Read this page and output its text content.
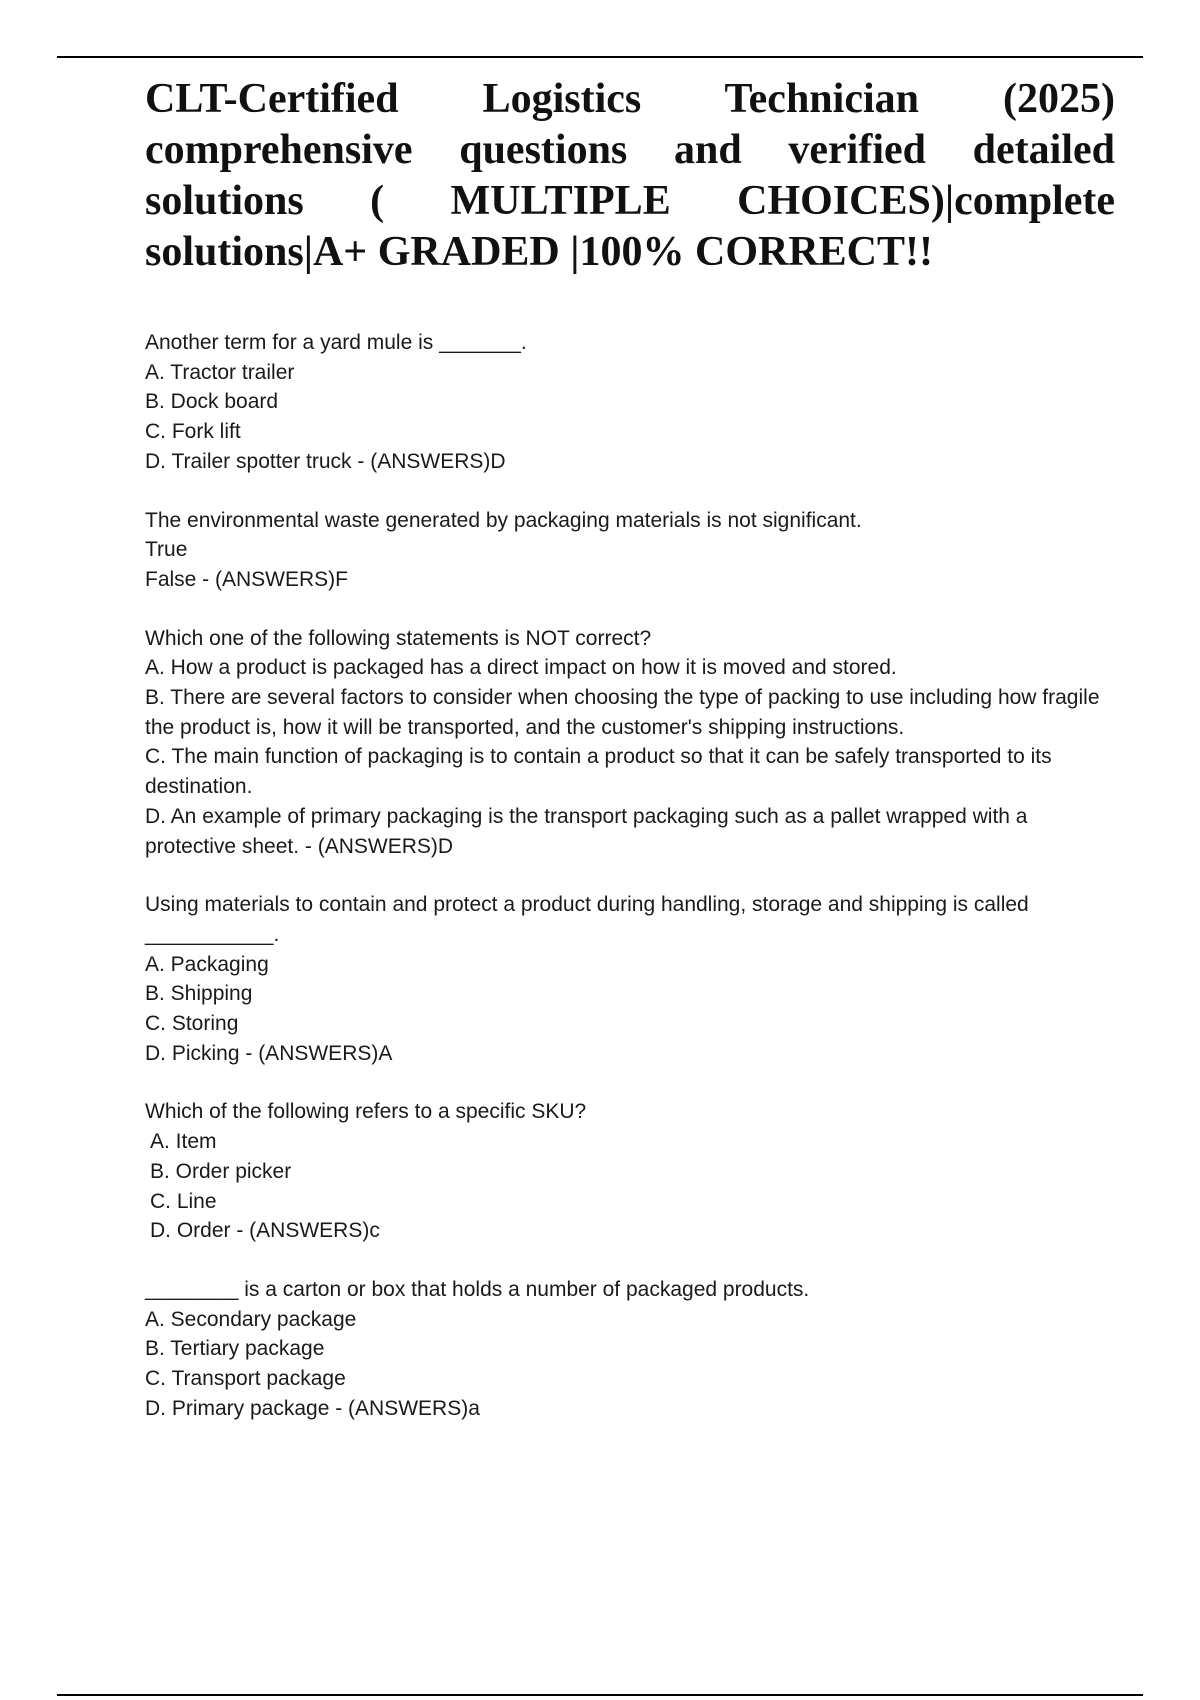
CLT-Certified Logistics Technician (2025) comprehensive questions and verified detailed solutions ( MULTIPLE CHOICES)|complete solutions|A+ GRADED |100% CORRECT!!

Another term for a yard mule is _______.

A. Tractor trailer

B. Dock board

C. Fork lift

D. Trailer spotter truck - (ANSWERS)D

The environmental waste generated by packaging materials is not significant.

True

False - (ANSWERS)F

Which one of the following statements is NOT correct?

A. How a product is packaged has a direct impact on how it is moved and stored.

B. There are several factors to consider when choosing the type of packing to use including how fragile the product is, how it will be transported, and the customer's shipping instructions.

C. The main function of packaging is to contain a product so that it can be safely transported to its destination.

D. An example of primary packaging is the transport packaging such as a pallet wrapped with a protective sheet. - (ANSWERS)D

Using materials to contain and protect a product during handling, storage and shipping is called ___________.

A. Packaging

B. Shipping

C. Storing

D. Picking - (ANSWERS)A

Which of the following refers to a specific SKU?

A. Item

B. Order picker

C. Line

D. Order - (ANSWERS)c

________ is a carton or box that holds a number of packaged products.

A. Secondary package

B. Tertiary package

C. Transport package

D. Primary package - (ANSWERS)a
